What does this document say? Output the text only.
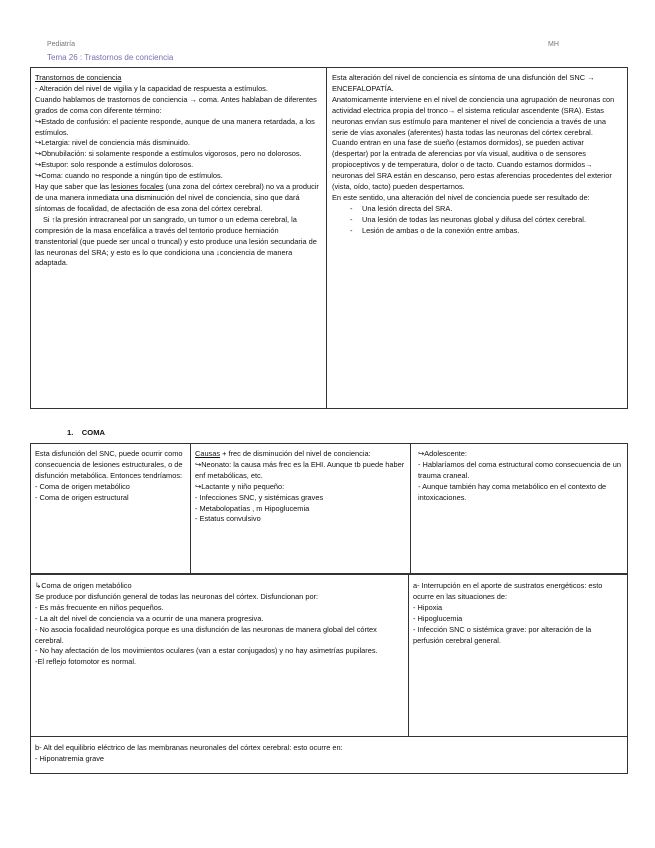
Pediatría	MH
Tema 26 : Trastornos de conciencia

Transtornos de conciencia

- Alteración del nivel de vigilia y la capacidad de respuesta a estímulos.

Cuando hablamos de trastornos de conciencia → coma. Antes hablaban de diferentes grados de coma con diferente término:

↪Estado de confusión: el paciente responde, aunque de una manera retardada, a los estímulos.

↪Letargia: nivel de conciencia más disminuido.

↪Obnubilación: si solamente responde a estímulos vigorosos, pero no dolorosos.

↪Estupor: solo responde a estímulos dolorosos.

↪Coma: cuando no responde a ningún tipo de estímulos.

Hay que saber que las lesiones focales (una zona del córtex cerebral) no va a producir de una manera inmediata una disminución del nivel de conciencia, sino que dará síntomas de focalidad, de afectación de esa zona del córtex cerebral.

Si ↑la presión intracraneal por un sangrado, un tumor o un edema cerebral, la compresión de la masa encefálica a través del tentorio produce herniación transtentorial (que puede ser uncal o truncal) y esto produce una lesión secundaria de las neuronas del SRA; y esto es lo que condiciona una ↓conciencia de manera adaptada.

Esta alteración del nivel de conciencia es síntoma de una disfunción del SNC → ENCEFALOPATÍA.

Anatomicamente interviene en el nivel de conciencia una agrupación de neuronas con actividad electrica propia del tronco→ el sistema reticular ascendente (SRA). Estas neuronas envían sus estímulo para mantener el nivel de conciencia a través de una serie de vías axonales (aferentes) hasta todas las neuronas del córtex cerebral.

Cuando entran en una fase de sueño (estamos dormidos), se pueden activar (despertar) por la entrada de aferencias por vía visual, auditiva o de sensores propioceptivos y de temperatura, dolor o de tacto. Cuando estamos dormidos→ neuronas del SRA están en descanso, pero estas aferencias procedentes del exterior (vista, oído, tacto) pueden despertarnos.

En este sentido, una alteración del nivel de conciencia puede ser resultado de:

- Una lesión directa del SRA.

- Una lesión de todas las neuronas global y difusa del córtex cerebral.

- Lesión de ambas o de la conexión entre ambas.

1. COMA

Esta disfunción del SNC, puede ocurrir como consecuencia de lesiones estructurales, o de disfunción metabólica. Entonces tendríamos:

- Coma de origen metabólico

- Coma de origen estructural

Causas + frec de disminución del nivel de conciencia:

↪Neonato: la causa más frec es la EHI. Aunque tb puede haber enf metabólicas, etc.

↪Lactante y niño pequeño:

- Infecciones SNC, y sistémicas graves

- Metabolopatías , m Hipoglucemia

- Estatus convulsivo

↪Adolescente:

- Hablaríamos del coma estructural como consecuencia de un trauma craneal.

- Aunque también hay coma metabólico en el contexto de intoxicaciones.

↳Coma de origen metabólico

Se produce por disfunción general de todas las neuronas del córtex. Disfuncionan por:

- Es más frecuente en niños pequeños.

- La alt del nivel de conciencia va a ocurrir de una manera progresiva.

- No asocia focalidad neurológica porque es una disfunción de las neuronas de manera global del córtex cerebral.

- No hay afectación de los movimientos oculares (van a estar conjugados) y no hay asimetrías pupilares.

-El reflejo fotomotor es normal.

a- Interrupción en el aporte de sustratos energéticos: esto ocurre en las situaciones de:

- Hipoxia

- Hipoglucemia

- Infección SNC o sistémica grave: por alteración de la perfusión cerebral general.

b- Alt del equilibrio eléctrico de las membranas neuronales del córtex cerebral: esto ocurre en:

- Hiponatremia grave
